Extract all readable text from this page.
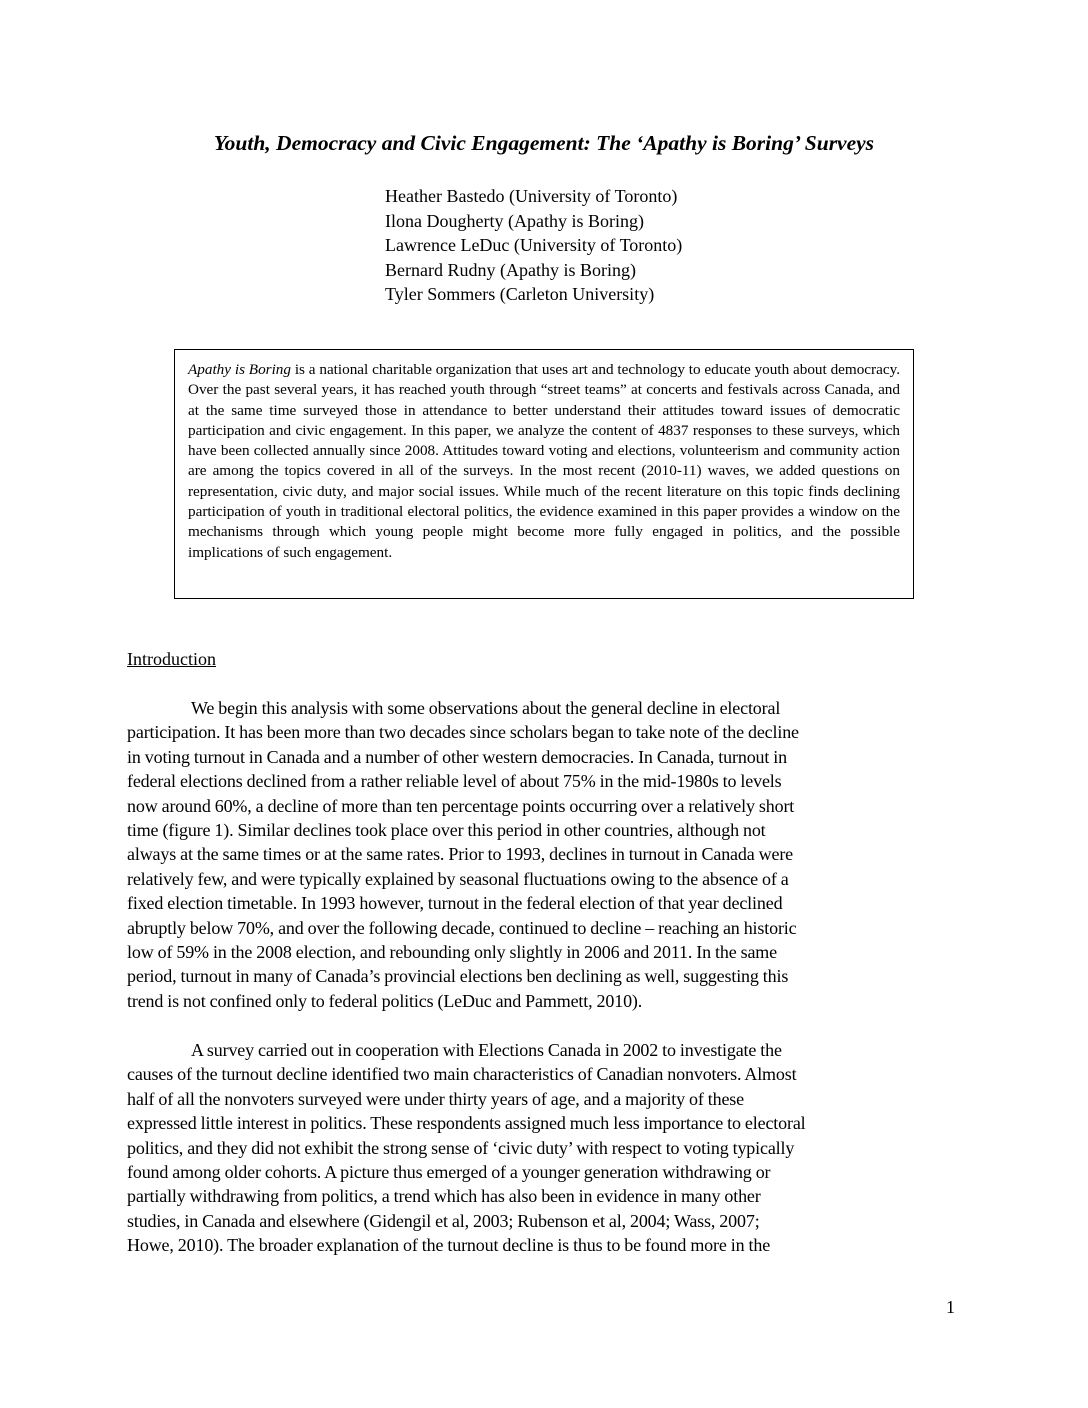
Youth, Democracy and Civic Engagement: The ‘Apathy is Boring’ Surveys
Heather Bastedo (University of Toronto)
Ilona Dougherty (Apathy is Boring)
Lawrence LeDuc (University of Toronto)
Bernard Rudny (Apathy is Boring)
Tyler Sommers (Carleton University)
Apathy is Boring is a national charitable organization that uses art and technology to educate youth about democracy. Over the past several years, it has reached youth through “street teams” at concerts and festivals across Canada, and at the same time surveyed those in attendance to better understand their attitudes toward issues of democratic participation and civic engagement. In this paper, we analyze the content of 4837 responses to these surveys, which have been collected annually since 2008. Attitudes toward voting and elections, volunteerism and community action are among the topics covered in all of the surveys. In the most recent (2010-11) waves, we added questions on representation, civic duty, and major social issues. While much of the recent literature on this topic finds declining participation of youth in traditional electoral politics, the evidence examined in this paper provides a window on the mechanisms through which young people might become more fully engaged in politics, and the possible implications of such engagement.
Introduction
We begin this analysis with some observations about the general decline in electoral
participation. It has been more than two decades since scholars began to take note of the decline
in voting turnout in Canada and a number of other western democracies. In Canada, turnout in
federal elections declined from a rather reliable level of about 75% in the mid-1980s to levels
now around 60%, a decline of more than ten percentage points occurring over a relatively short
time (figure 1). Similar declines took place over this period in other countries, although not
always at the same times or at the same rates. Prior to 1993, declines in turnout in Canada were
relatively few, and were typically explained by seasonal fluctuations owing to the absence of a
fixed election timetable. In 1993 however, turnout in the federal election of that year declined
abruptly below 70%, and over the following decade, continued to decline – reaching an historic
low of 59% in the 2008 election, and rebounding only slightly in 2006 and 2011. In the same
period, turnout in many of Canada’s provincial elections ben declining as well, suggesting this
trend is not confined only to federal politics (LeDuc and Pammett, 2010).
A survey carried out in cooperation with Elections Canada in 2002 to investigate the
causes of the turnout decline identified two main characteristics of Canadian nonvoters. Almost
half of all the nonvoters surveyed were under thirty years of age, and a majority of these
expressed little interest in politics. These respondents assigned much less importance to electoral
politics, and they did not exhibit the strong sense of ‘civic duty’ with respect to voting typically
found among older cohorts. A picture thus emerged of a younger generation withdrawing or
partially withdrawing from politics, a trend which has also been in evidence in many other
studies, in Canada and elsewhere (Gidengil et al, 2003; Rubenson et al, 2004; Wass, 2007;
Howe, 2010). The broader explanation of the turnout decline is thus to be found more in the
1
